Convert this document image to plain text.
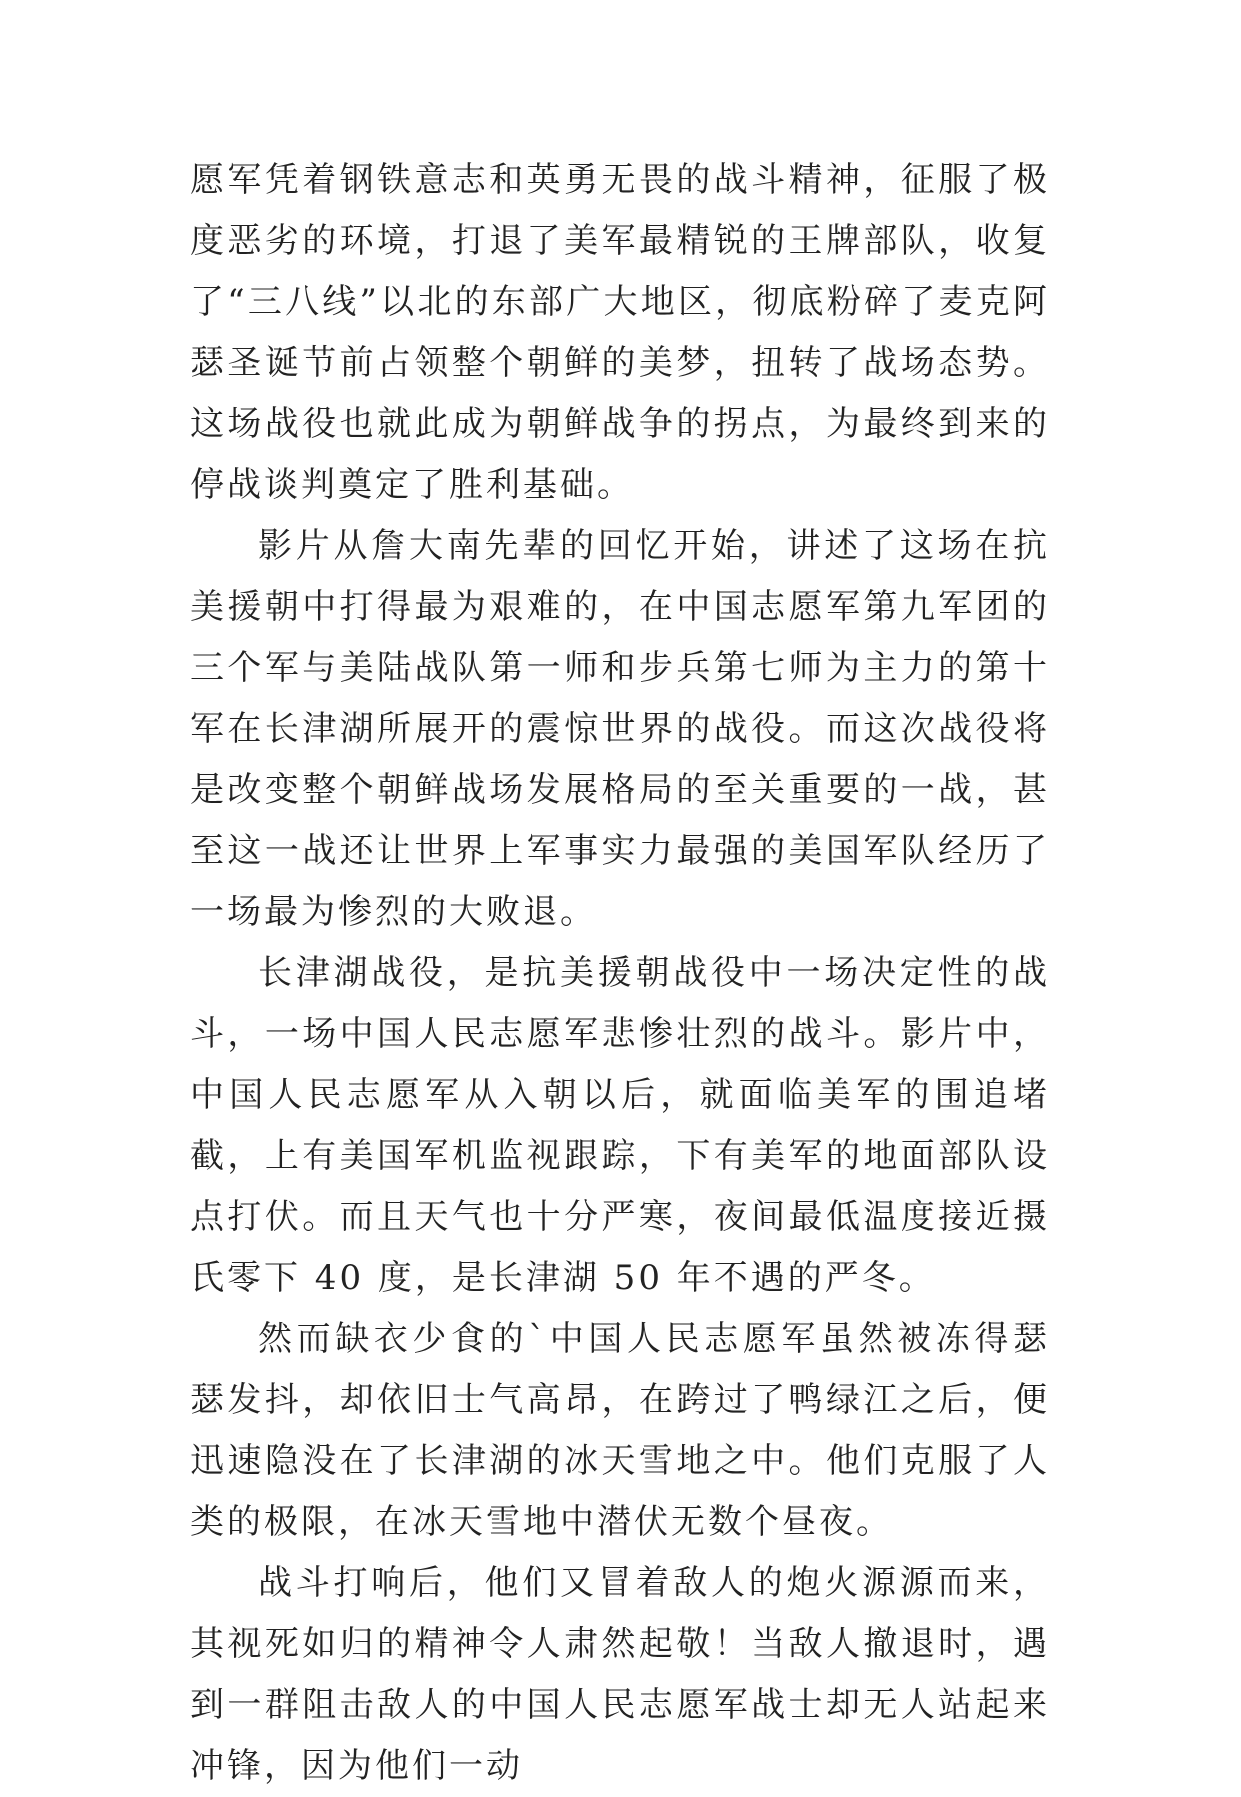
愿军凭着钢铁意志和英勇无畏的战斗精神，征服了极度恶劣的环境，打退了美军最精锐的王牌部队，收复了“三八线”以北的东部广大地区，彻底粉碎了麦克阿瑟圣诞节前占领整个朝鲜的美梦，扭转了战场态势。这场战役也就此成为朝鲜战争的拐点，为最终到来的停战谈判奠定了胜利基础。

影片从詹大南先辈的回忆开始，讲述了这场在抗美援朝中打得最为艰难的，在中国志愿军第九军团的三个军与美陆战队第一师和步兵第七师为主力的第十军在长津湖所展开的震惊世界的战役。而这次战役将是改变整个朝鲜战场发展格局的至关重要的一战，甚至这一战还让世界上军事实力最强的美国军队经历了一场最为惨烈的大败退。

长津湖战役，是抗美援朝战役中一场决定性的战斗，一场中国人民志愿军悲惨壮烈的战斗。影片中，中国人民志愿军从入朝以后，就面临美军的围追堵截，上有美国军机监视跟踪，下有美军的地面部队设点打伏。而且天气也十分严寒，夜间最低温度接近摄氏零下 40 度，是长津湖 50 年不遇的严冬。

然而缺衣少食的`中国人民志愿军虽然被冻得瑟瑟发抖，却依旧士气高昂，在跨过了鸭绿江之后，便迅速隐没在了长津湖的冰天雪地之中。他们克服了人类的极限，在冰天雪地中潜伏无数个昼夜。

战斗打响后，他们又冒着敌人的炮火源源而来，其视死如归的精神令人肃然起敬！当敌人撤退时，遇到一群阻击敌人的中国人民志愿军战士却无人站起来冲锋，因为他们一动
